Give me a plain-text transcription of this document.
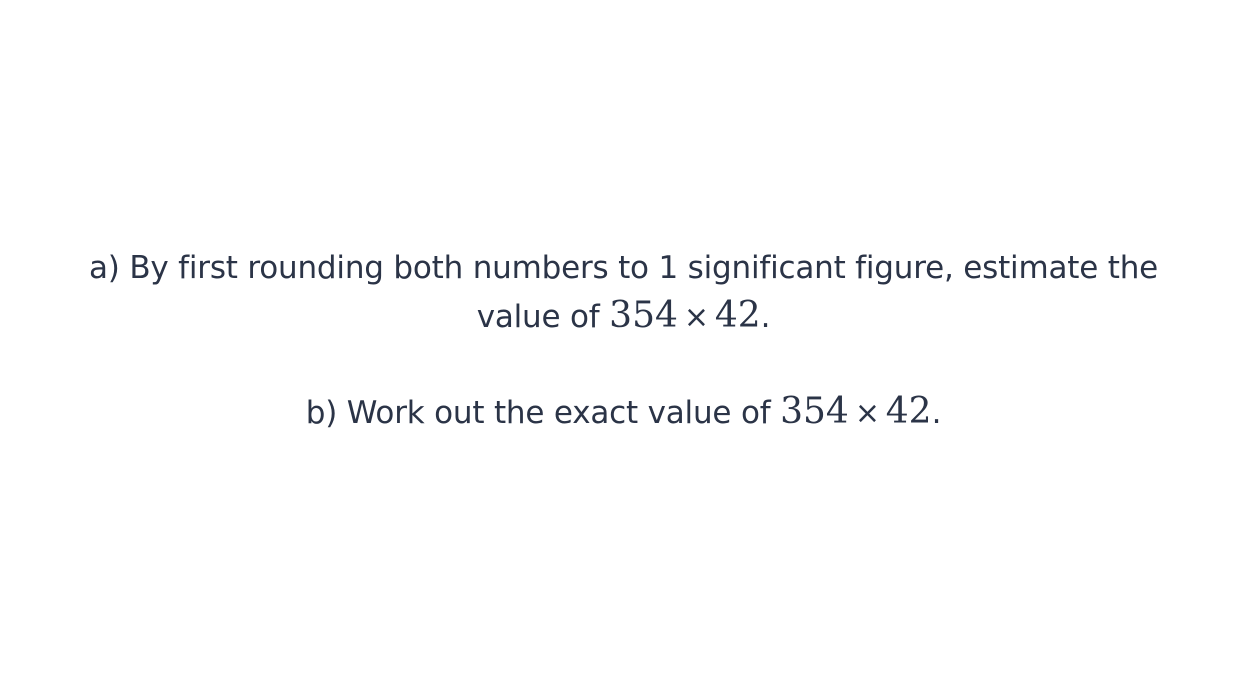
a) By first rounding both numbers to 1 significant figure, estimate the
value of 354 × 42.
b) Work out the exact value of 354 × 42.
